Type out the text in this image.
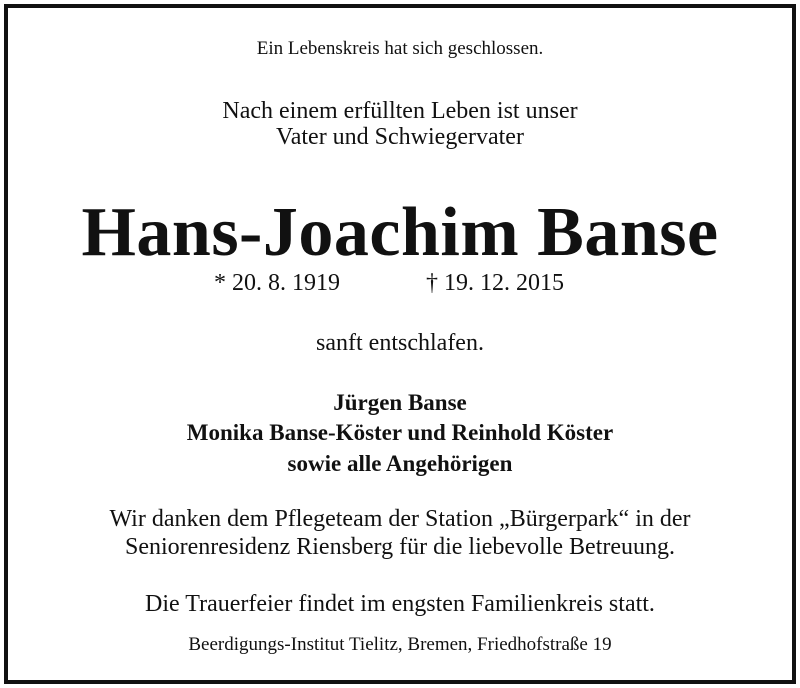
Ein Lebenskreis hat sich geschlossen.

Nach einem erfüllten Leben ist unser

Vater und Schwiegervater

Hans-Joachim Banse
* 20. 8. 1919	† 19. 12. 2015

sanft entschlafen.

Jürgen Banse

Monika Banse-Köster und Reinhold Köster

sowie alle Angehörigen

Wir danken dem Pflegeteam der Station „Bürgerpark“ in der

Seniorenresidenz Riensberg für die liebevolle Betreuung.

Die Trauerfeier findet im engsten Familienkreis statt.

Beerdigungs-Institut Tielitz, Bremen, Friedhofstraße 19
